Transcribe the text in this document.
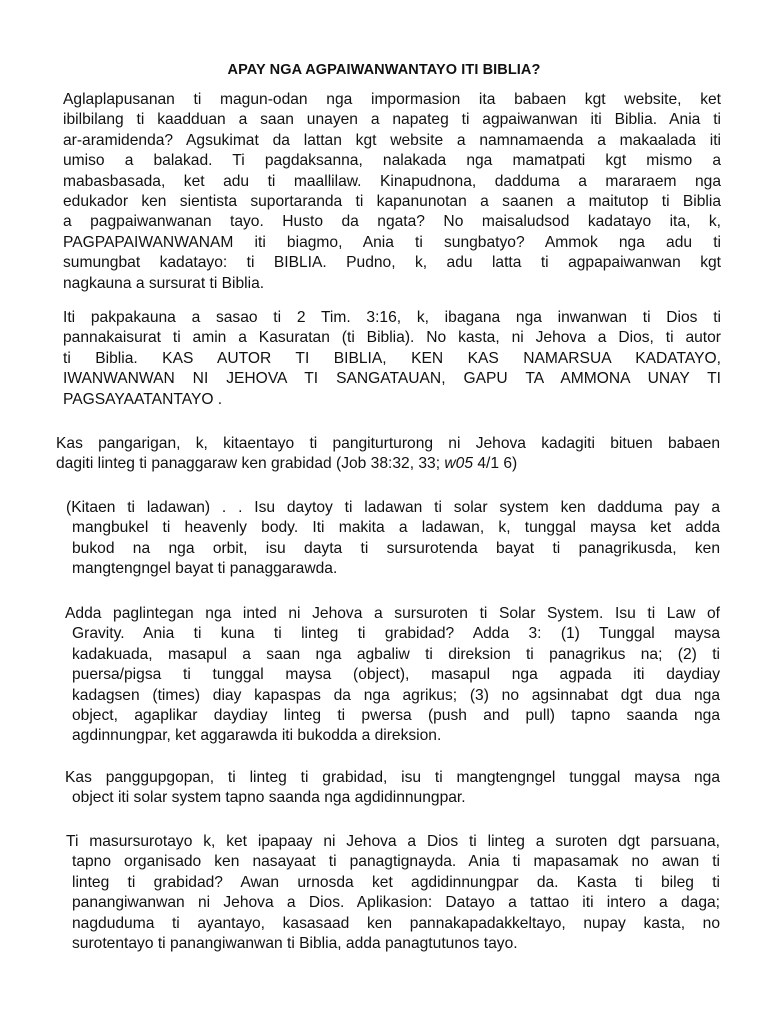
APAY NGA AGPAIWANWANTAYO ITI BIBLIA?
Aglaplapusanan ti magun-odan nga impormasion ita babaen kgt website, ket
ibilbilang ti kaadduan a saan unayen a napateg ti agpaiwanwan iti Biblia. Ania ti
ar-aramidenda? Agsukimat da lattan kgt website a namnamaenda a makaalada iti
umiso a balakad. Ti pagdaksanna, nalakada nga mamatpati kgt mismo a
mabasbasada, ket adu ti maallilaw. Kinapudnona, dadduma a mararaem nga
edukador ken sientista suportaranda ti kapanunotan a saanen a maitutop ti Biblia
a pagpaiwanwanan tayo. Husto da ngata? No maisaludsod kadatayo ita, k,
PAGPAPAIWANWANAM iti biagmo, Ania ti sungbatyo? Ammok nga adu ti
sumungbat kadatayo: ti BIBLIA. Pudno, k, adu latta ti agpapaiwanwan kgt
nagkauna a sursurat ti Biblia.
Iti pakpakauna a sasao ti 2 Tim. 3:16, k, ibagana nga inwanwan ti Dios ti
pannakaisurat ti amin a Kasuratan (ti Biblia). No kasta, ni Jehova a Dios, ti autor
ti Biblia. KAS AUTOR TI BIBLIA, KEN KAS NAMARSUA KADATAYO,
IWANWANWAN NI JEHOVA TI SANGATAUAN, GAPU TA AMMONA UNAY TI
PAGSAYAATANTAYO .
Kas pangarigan, k, kitaentayo ti pangiturturong ni Jehova kadagiti bituen babaen
dagiti linteg ti panaggaraw ken grabidad (Job 38:32, 33; w05 4/1 6)
(Kitaen ti ladawan) . . Isu daytoy ti ladawan ti solar system ken dadduma pay a
mangbukel ti heavenly body. Iti makita a ladawan, k, tunggal maysa ket adda
bukod na nga orbit, isu dayta ti sursurotenda bayat ti panagrikusda, ken
mangtengngel bayat ti panaggarawda.
Adda paglintegan nga inted ni Jehova a sursuroten ti Solar System. Isu ti Law of
Gravity. Ania ti kuna ti linteg ti grabidad? Adda 3: (1) Tunggal maysa
kadakuada, masapul a saan nga agbaliw ti direksion ti panagrikus na; (2) ti
puersa/pigsa ti tunggal maysa (object), masapul nga agpada iti daydiay
kadagsen (times) diay kapaspas da nga agrikus; (3) no agsinnabat dgt dua nga
object, agaplikar daydiay linteg ti pwersa (push and pull) tapno saanda nga
agdinnungpar, ket aggarawda iti bukodda a direksion.
Kas panggupgopan, ti linteg ti grabidad, isu ti mangtengngel tunggal maysa nga
object iti solar system tapno saanda nga agdidinnungpar.
Ti masursurotayo k, ket ipapaay ni Jehova a Dios ti linteg a suroten dgt parsuana,
tapno organisado ken nasayaat ti panagtignayda. Ania ti mapasamak no awan ti
linteg ti grabidad? Awan urnosda ket agdidinnungpar da. Kasta ti bileg ti
panangiwanwan ni Jehova a Dios. Aplikasion: Datayo a tattao iti intero a daga;
nagduduma ti ayantayo, kasasaad ken pannakapadakkeltayo, nupay kasta, no
surotentayo ti panangiwanwan ti Biblia, adda panagtutunos tayo.
